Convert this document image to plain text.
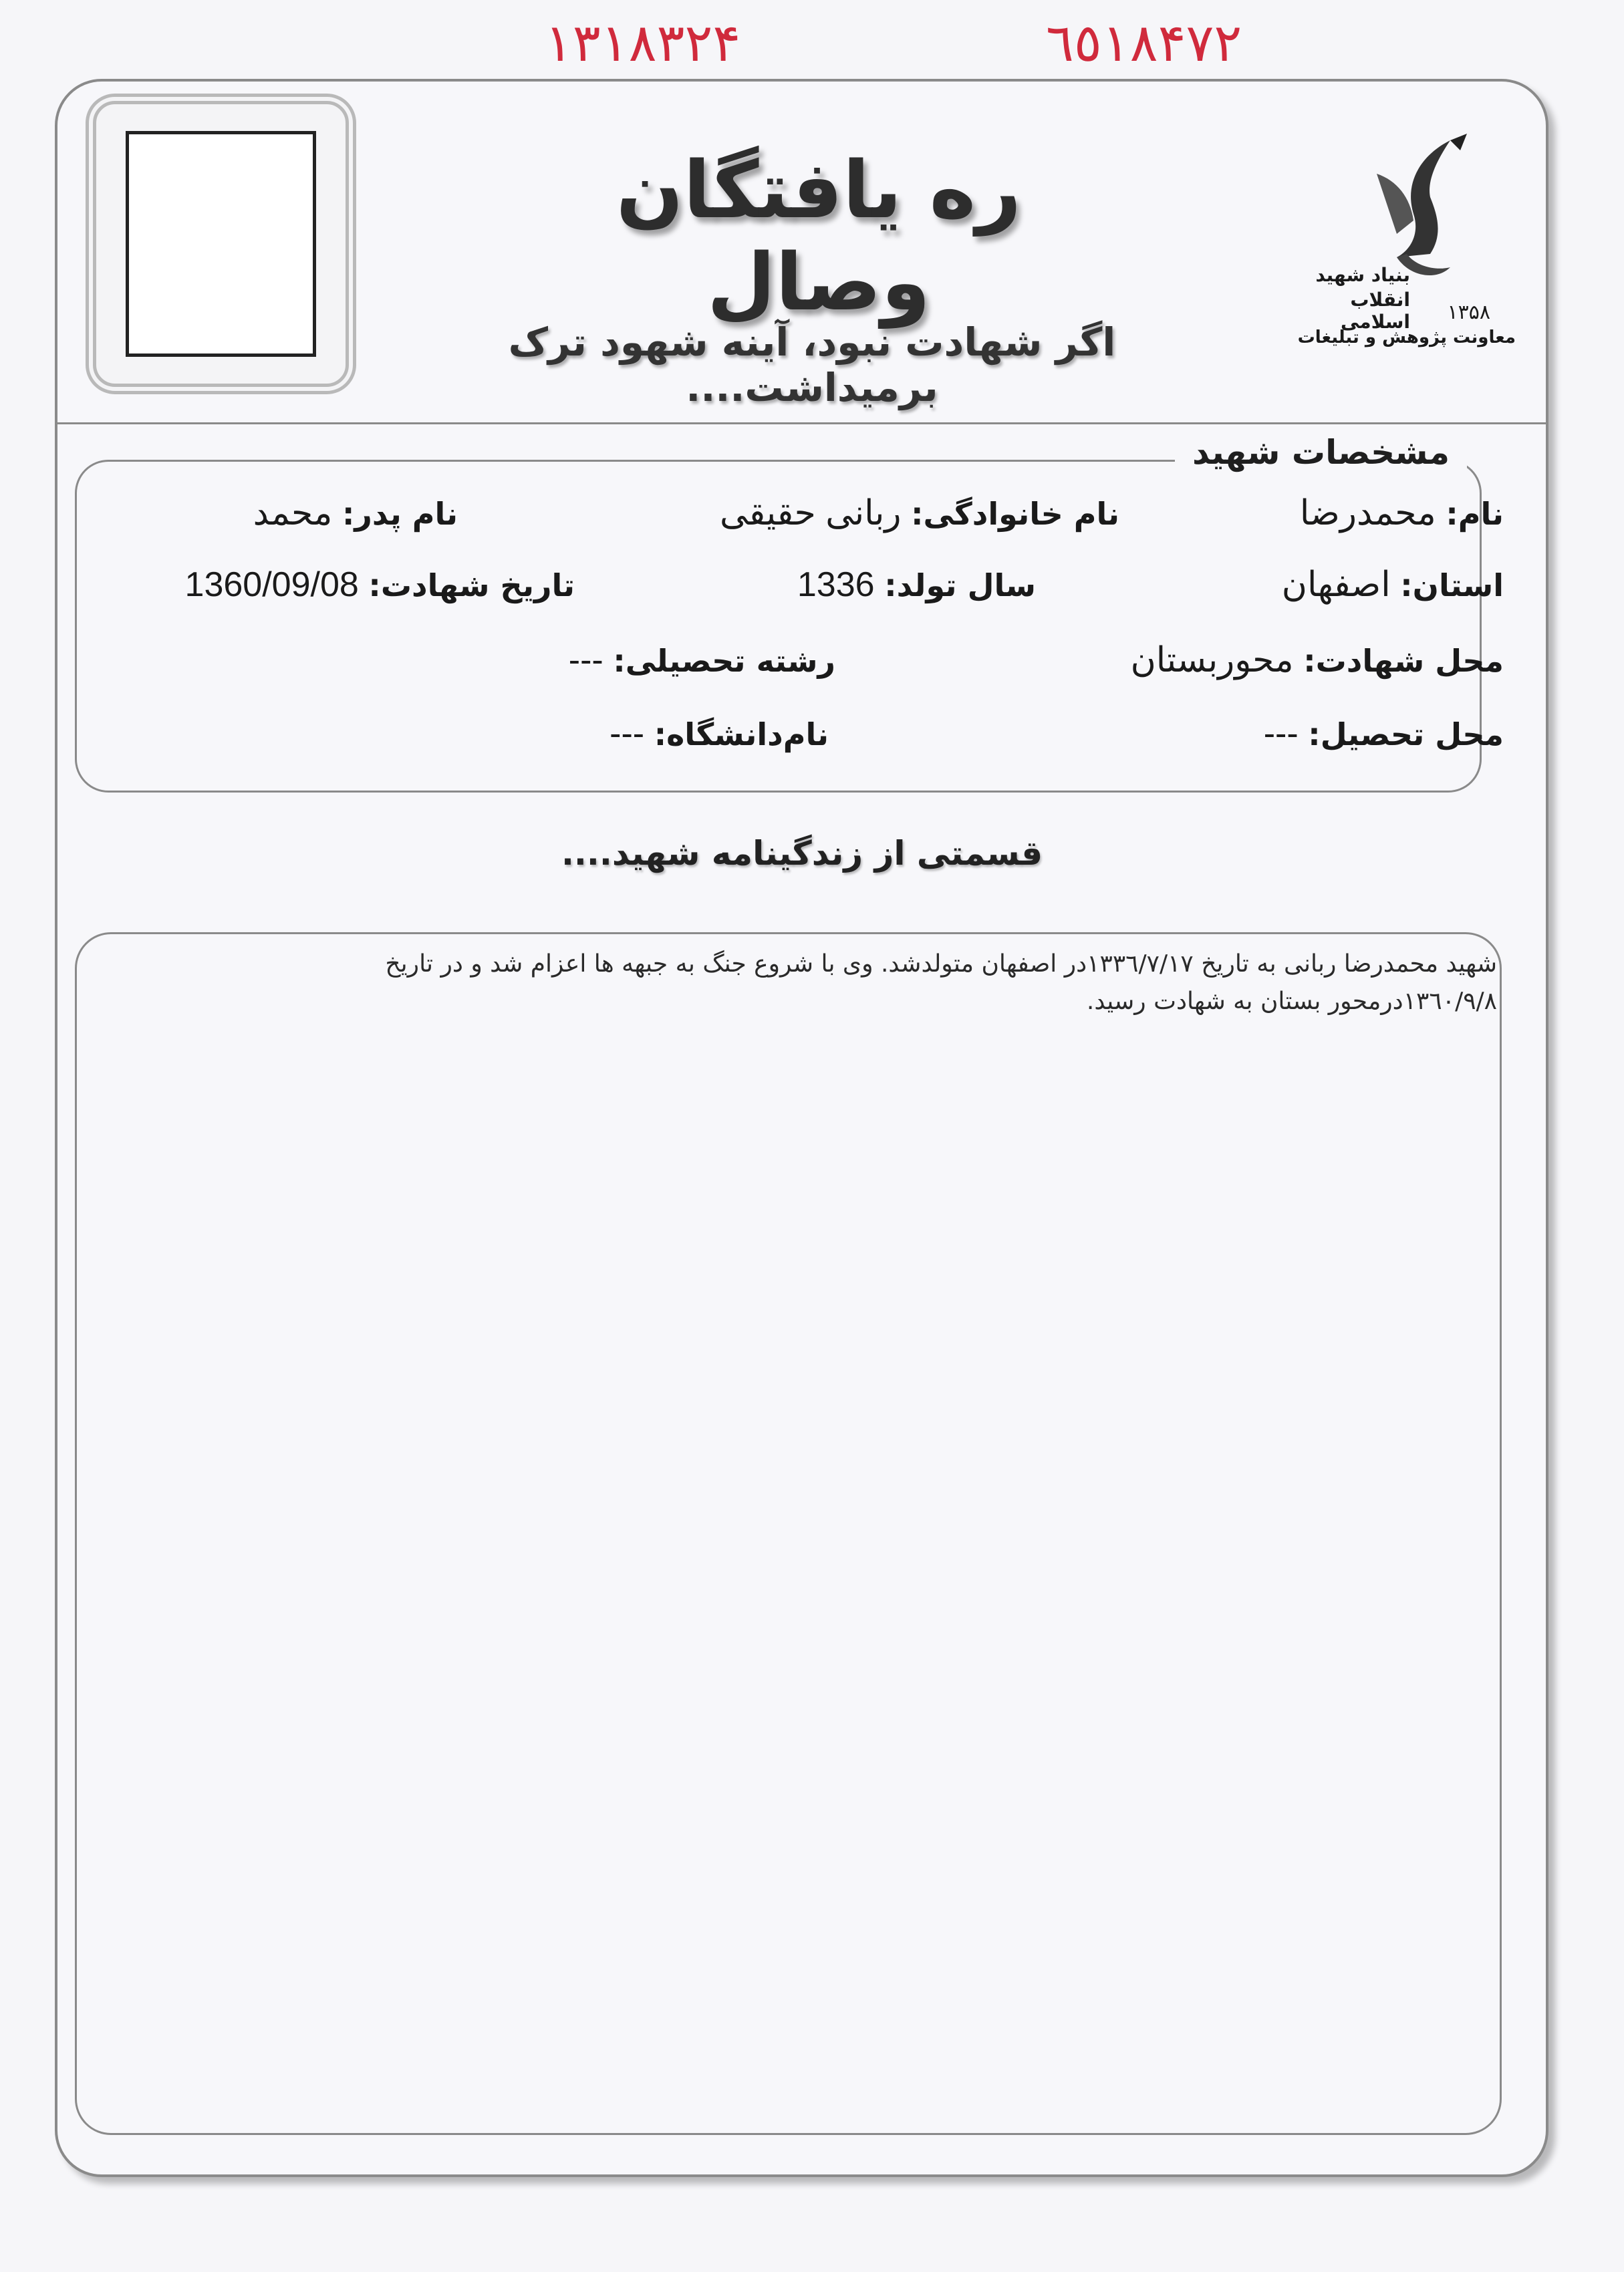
۱۳۱۸۳۲۴	٦٥۱۸۴۷۲
بنیاد شهید
انقلاب اسلامی ۱۳۵۸
معاونت پژوهش و تبلیغات
ره یافتگان وصال
اگر شهادت نبود، آینه شهود ترک برمیداشت....
مشخصات شهید
نام: محمدرضا
نام خانوادگی: ربانی حقیقی
نام پدر: محمد
استان: اصفهان
سال تولد: 1336
تاریخ شهادت: 1360/09/08
محل شهادت: محوربستان
رشته تحصیلی: ---
محل تحصیل: ---
نام‌دانشگاه: ---
قسمتی از زندگینامه شهید....
شهید محمدرضا ربانی به تاریخ ۱۳۳٦/۷/۱۷در اصفهان متولدشد. وی با شروع جنگ به جبهه ها اعزام شد و در تاریخ
۱۳٦۰/۹/۸درمحور بستان به شهادت رسید.
